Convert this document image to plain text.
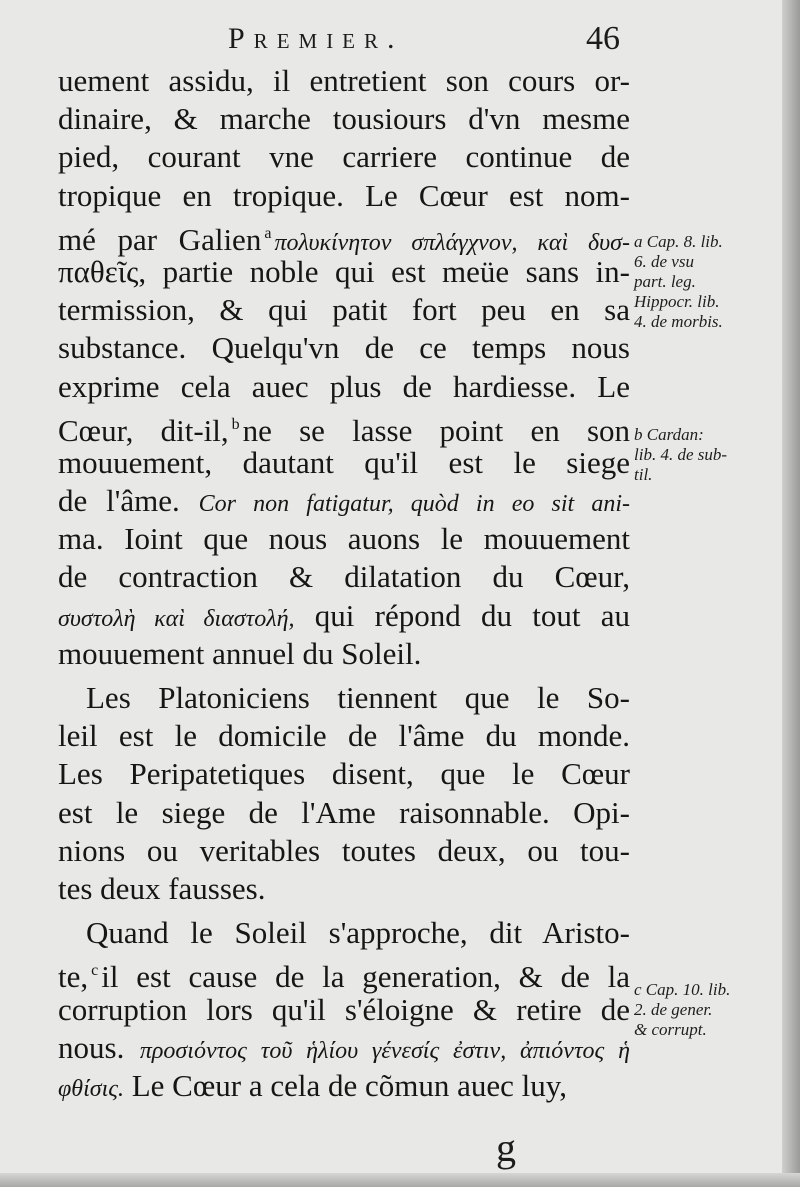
Premier.	46
uement assidu, il entretient son cours or-
dinaire, & marche tousiours d'vn mesme
pied, courant vne carriere continue de
tropique en tropique. Le Cœur est nom-
mé par Galien $^a$ πολυκίνητον σπλάγχνον, καὶ δυσ-
παθεῖς, partie noble qui est meüe sans in-
termission, & qui patit fort peu en sa
substance. Quelqu'vn de ce temps nous
exprime cela auec plus de hardiesse. Le
Cœur, dit-il, $^b$ne se lasse point en son
mouuement, dautant qu'il est le siege
de l'âme. Cor non fatigatur, quòd in eo sit ani-
ma. Ioint que nous auons le mouuement
de contraction & dilatation du Cœur,
συστολὴ καὶ διαστολή, qui répond du tout au
mouuement annuel du Soleil.
Les Platoniciens tiennent que le So-
leil est le domicile de l'âme du monde.
Les Peripatetiques disent, que le Cœur
est le siege de l'Ame raisonnable. Opi-
nions ou veritables toutes deux, ou tou-
tes deux fausses.
Quand le Soleil s'approche, dit Aristo-
te, $^c$il est cause de la generation, & de la
corruption lors qu'il s'éloigne & retire de
nous. προσιόντος τοῦ ἡλίου γένεσίς ἐστιν, ἀπιόντος ἡ
φθίσις. Le Cœur a cela de cõmun auec luy,
a Cap. 8. lib.
6. de vsu
part. leg.
Hippocr. lib.
4. de morbis.
b Cardan:
lib. 4. de sub-
til.
c Cap. 10. lib.
2. de gener.
& corrupt.
g
